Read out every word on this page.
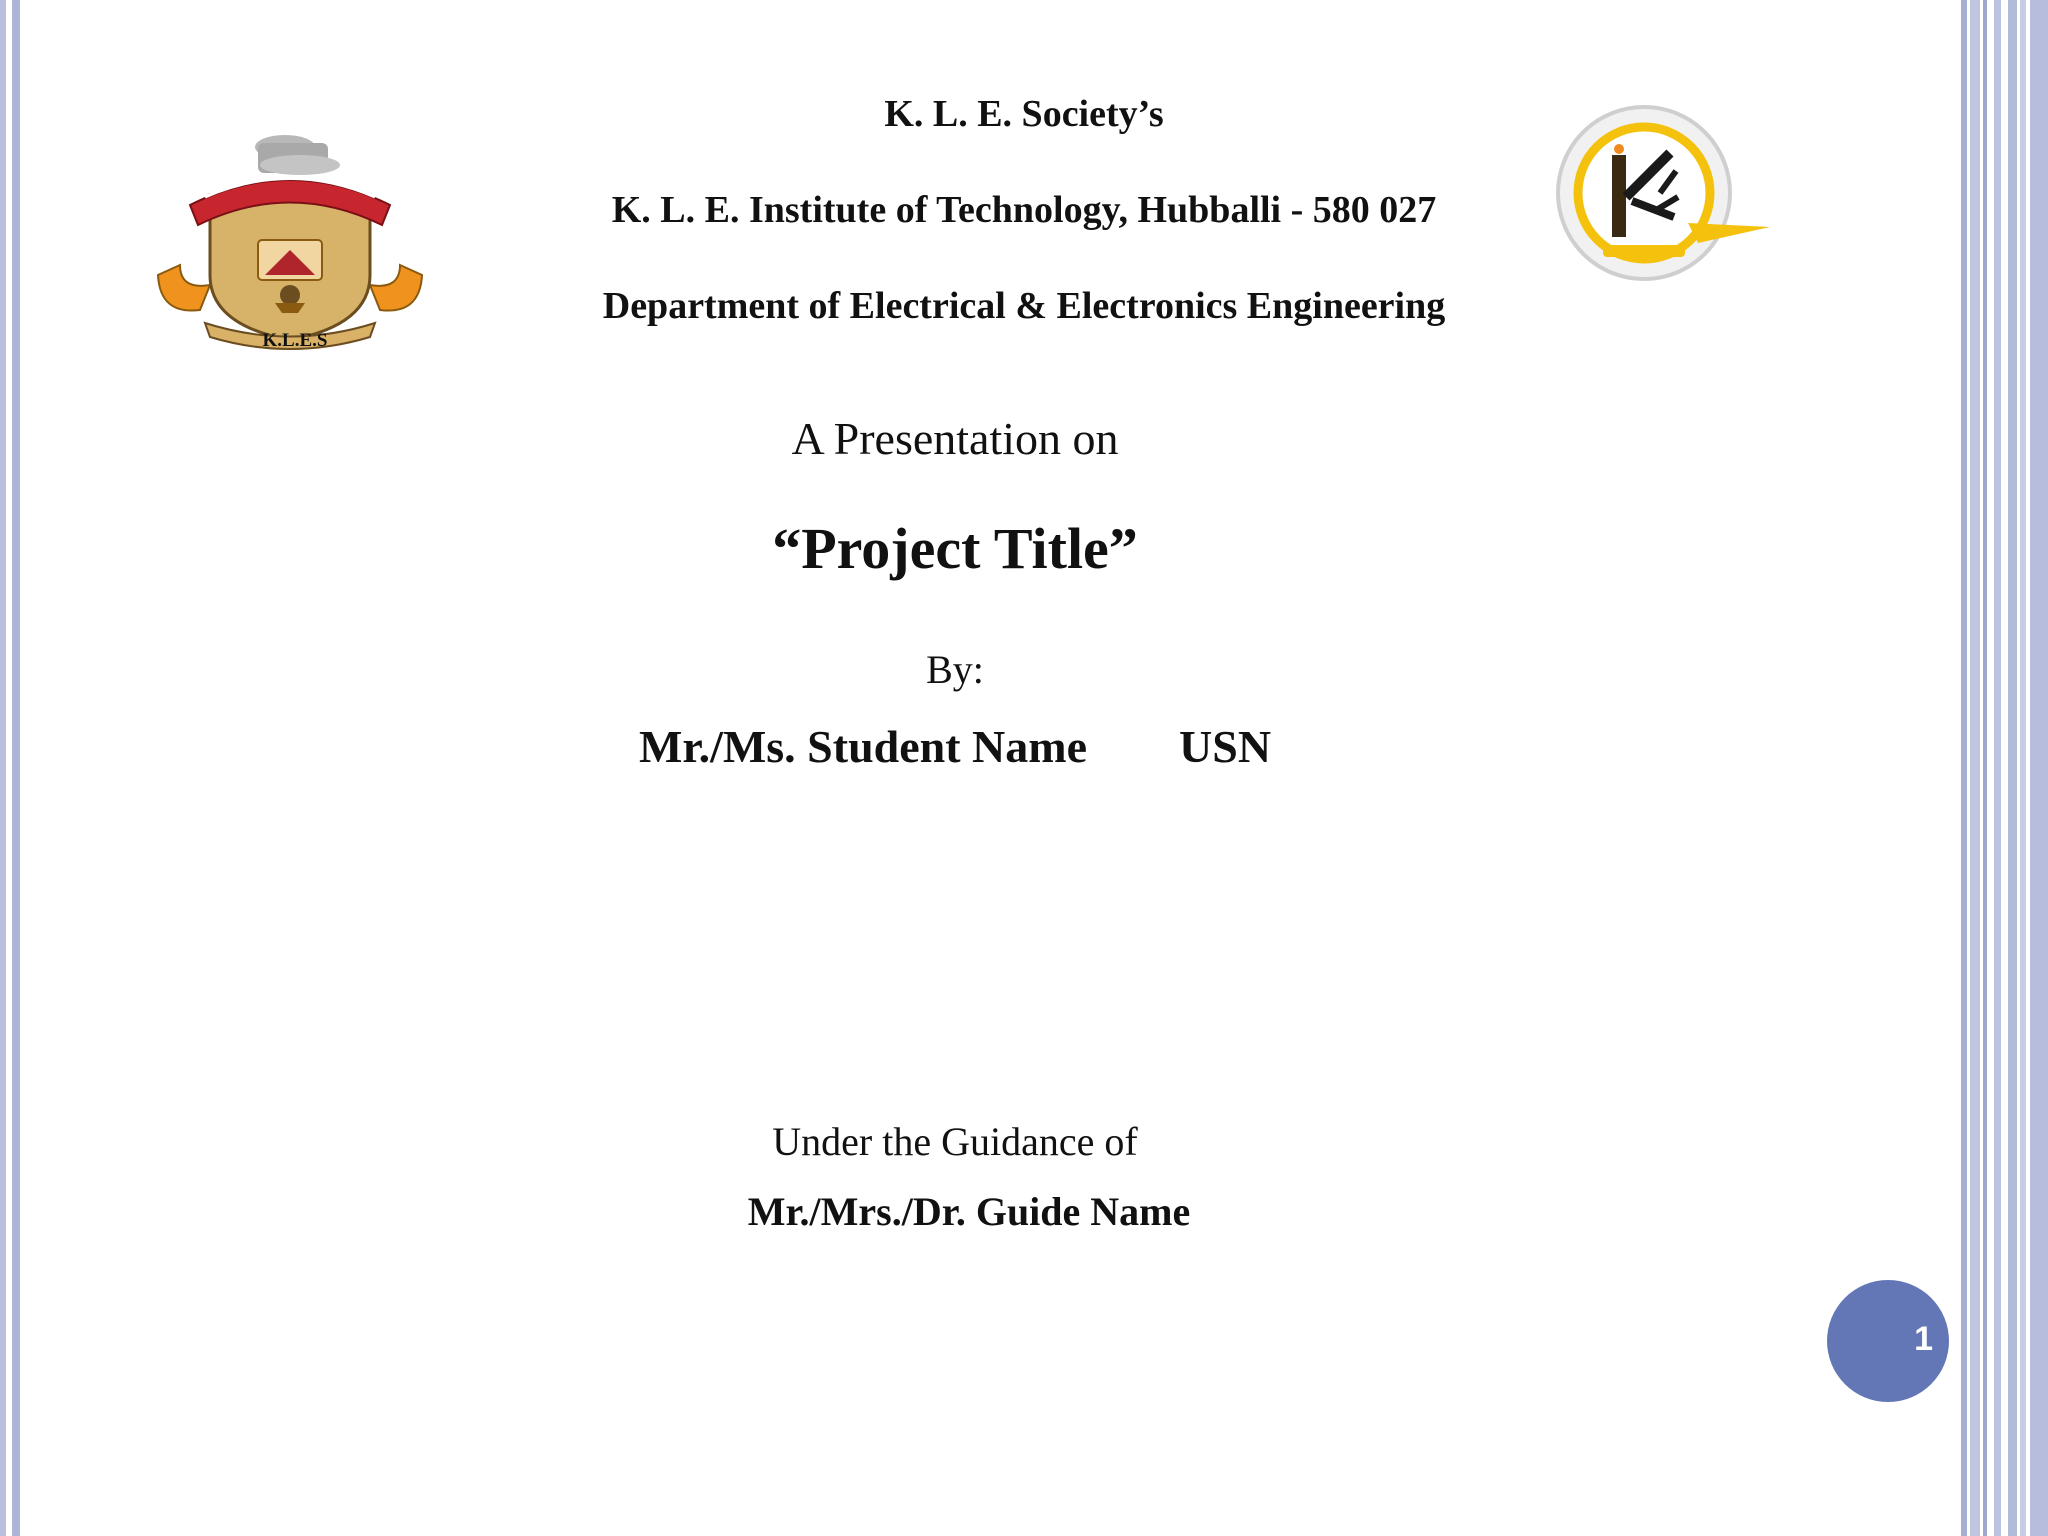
K.L.E.S
K. L. E. Society’s
K. L. E. Institute of Technology, Hubballi - 580 027
Department of Electrical & Electronics Engineering
A Presentation on
“Project Title”
By:
Mr./Ms. Student Name USN
Under the Guidance of
Mr./Mrs./Dr. Guide Name
1
